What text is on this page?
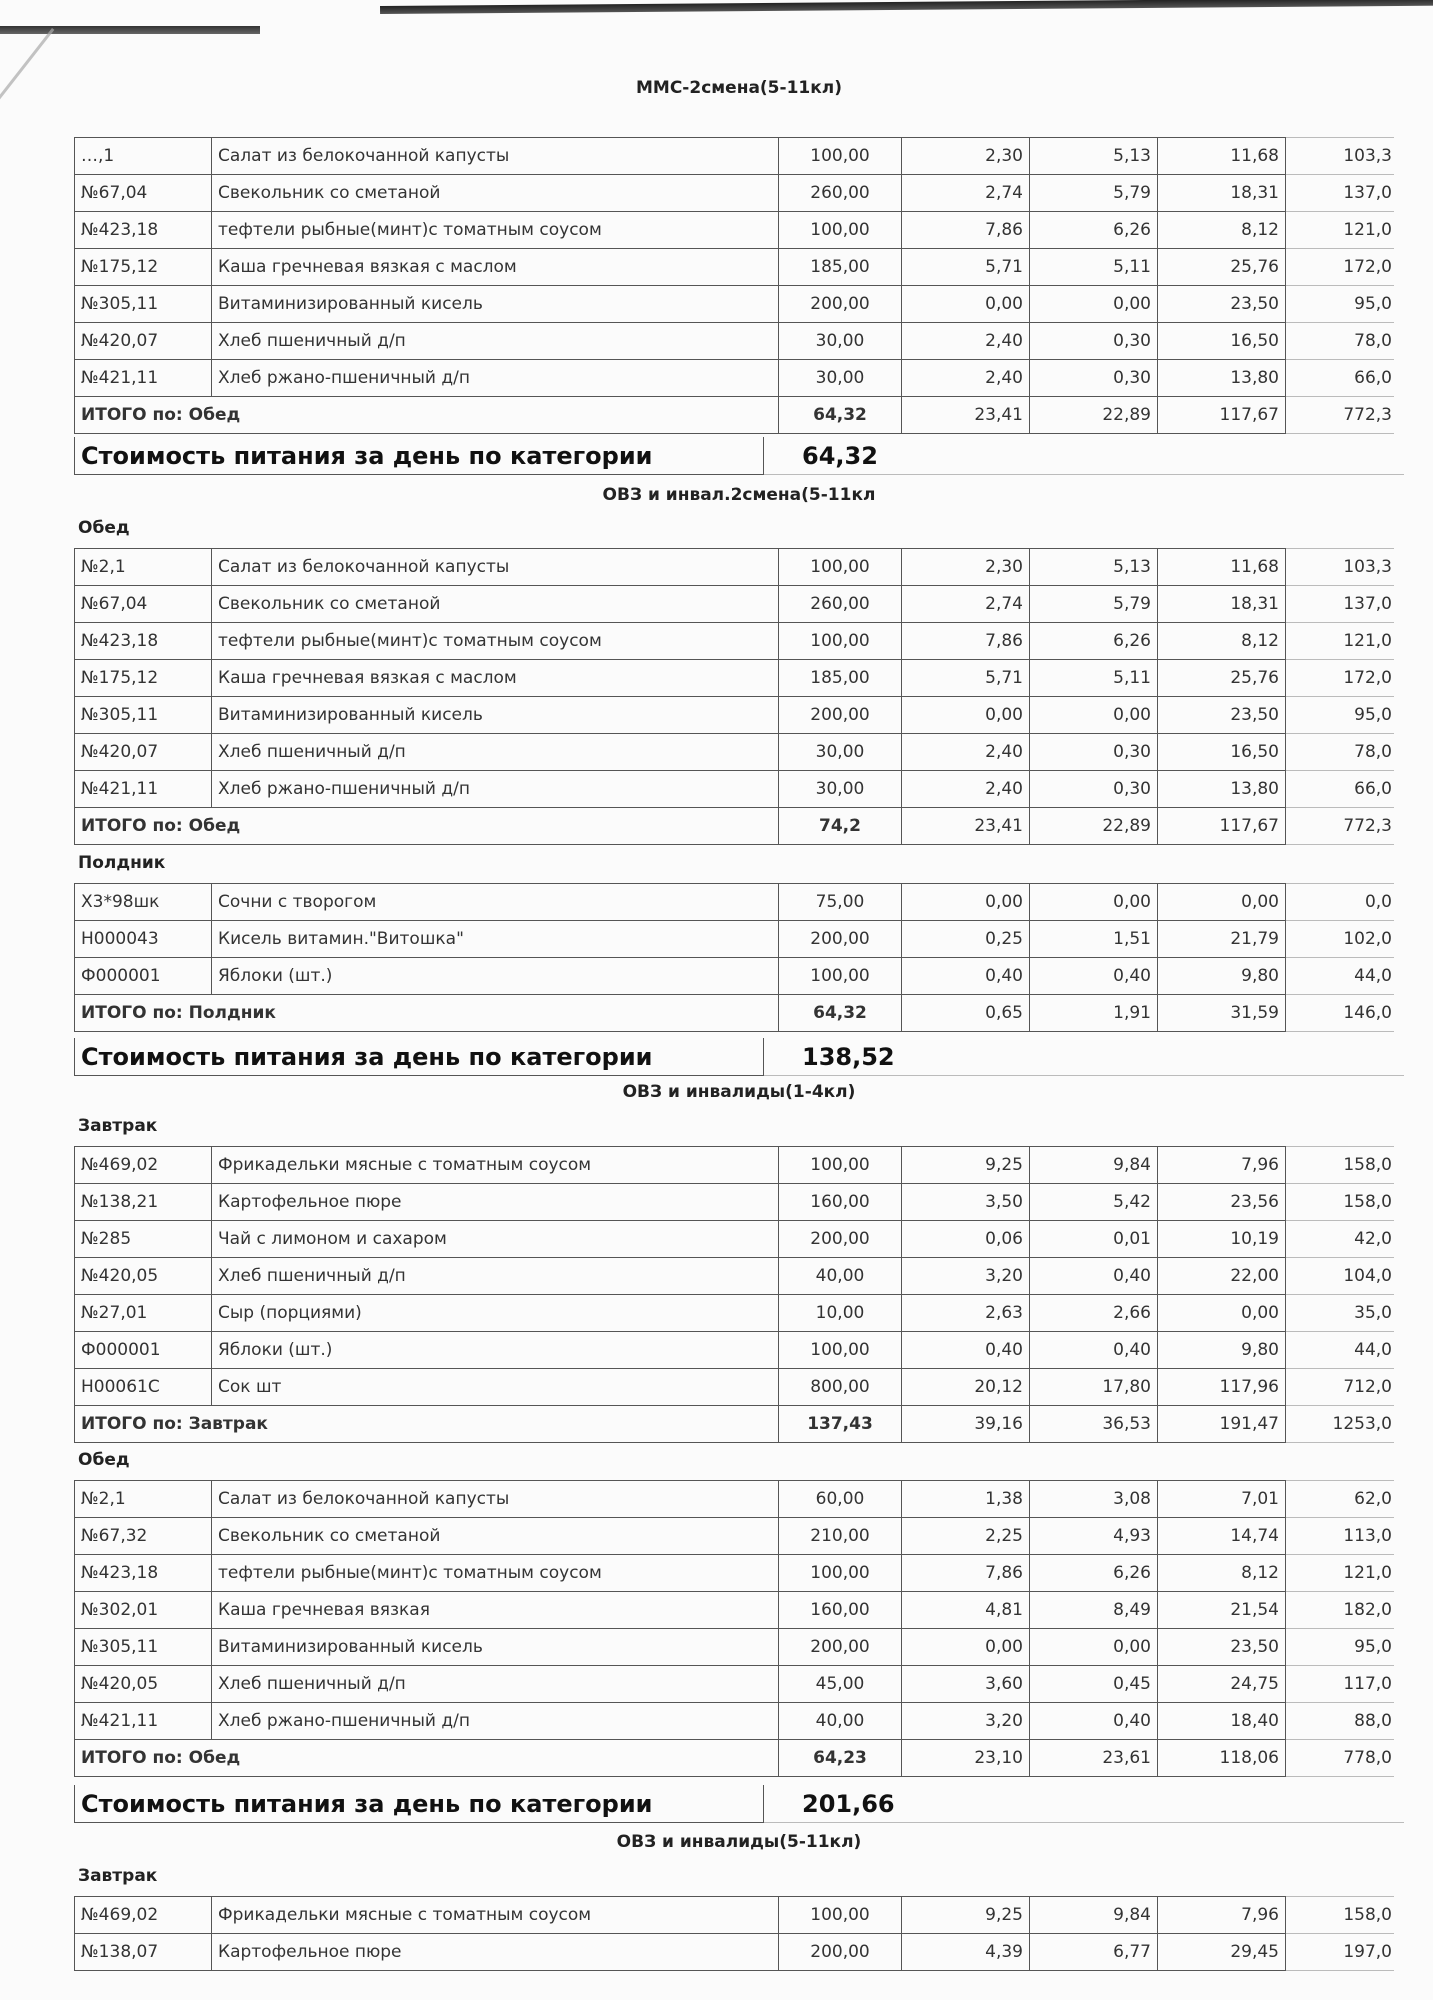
ММС-2смена(5-11кл)
…,1	Салат из белокочанной капусты	100,00	2,30	5,13	11,68	103,3
№67,04	Свекольник со сметаной	260,00	2,74	5,79	18,31	137,0
№423,18	тефтели рыбные(минт)с томатным соусом	100,00	7,86	6,26	8,12	121,0
№175,12	Каша гречневая вязкая с маслом	185,00	5,71	5,11	25,76	172,0
№305,11	Витаминизированный кисель	200,00	0,00	0,00	23,50	95,0
№420,07	Хлеб пшеничный д/п	30,00	2,40	0,30	16,50	78,0
№421,11	Хлеб ржано-пшеничный д/п	30,00	2,40	0,30	13,80	66,0
ИТОГО по: Обед		64,32	23,41	22,89	117,67	772,3
Стоимость питания за день по категории	64,32
ОВЗ и инвал.2смена(5-11кл
Обед
№2,1	Салат из белокочанной капусты	100,00	2,30	5,13	11,68	103,3
№67,04	Свекольник со сметаной	260,00	2,74	5,79	18,31	137,0
№423,18	тефтели рыбные(минт)с томатным соусом	100,00	7,86	6,26	8,12	121,0
№175,12	Каша гречневая вязкая с маслом	185,00	5,71	5,11	25,76	172,0
№305,11	Витаминизированный кисель	200,00	0,00	0,00	23,50	95,0
№420,07	Хлеб пшеничный д/п	30,00	2,40	0,30	16,50	78,0
№421,11	Хлеб ржано-пшеничный д/п	30,00	2,40	0,30	13,80	66,0
ИТОГО по: Обед		74,2	23,41	22,89	117,67	772,3
Полдник
Х3*98шк	Сочни с творогом	75,00	0,00	0,00	0,00	0,0
Н000043	Кисель витамин."Витошка"	200,00	0,25	1,51	21,79	102,0
Ф000001	Яблоки (шт.)	100,00	0,40	0,40	9,80	44,0
ИТОГО по: Полдник		64,32	0,65	1,91	31,59	146,0
Стоимость питания за день по категории	138,52
ОВЗ и инвалиды(1-4кл)
Завтрак
№469,02	Фрикадельки мясные с томатным соусом	100,00	9,25	9,84	7,96	158,0
№138,21	Картофельное пюре	160,00	3,50	5,42	23,56	158,0
№285	Чай с лимоном и сахаром	200,00	0,06	0,01	10,19	42,0
№420,05	Хлеб пшеничный д/п	40,00	3,20	0,40	22,00	104,0
№27,01	Сыр (порциями)	10,00	2,63	2,66	0,00	35,0
Ф000001	Яблоки (шт.)	100,00	0,40	0,40	9,80	44,0
Н00061С	Сок шт	800,00	20,12	17,80	117,96	712,0
ИТОГО по: Завтрак		137,43	39,16	36,53	191,47	1253,0
Обед
№2,1	Салат из белокочанной капусты	60,00	1,38	3,08	7,01	62,0
№67,32	Свекольник со сметаной	210,00	2,25	4,93	14,74	113,0
№423,18	тефтели рыбные(минт)с томатным соусом	100,00	7,86	6,26	8,12	121,0
№302,01	Каша гречневая вязкая	160,00	4,81	8,49	21,54	182,0
№305,11	Витаминизированный кисель	200,00	0,00	0,00	23,50	95,0
№420,05	Хлеб пшеничный д/п	45,00	3,60	0,45	24,75	117,0
№421,11	Хлеб ржано-пшеничный д/п	40,00	3,20	0,40	18,40	88,0
ИТОГО по: Обед		64,23	23,10	23,61	118,06	778,0
Стоимость питания за день по категории	201,66
ОВЗ и инвалиды(5-11кл)
Завтрак
№469,02	Фрикадельки мясные с томатным соусом	100,00	9,25	9,84	7,96	158,0
№138,07	Картофельное пюре	200,00	4,39	6,77	29,45	197,0
